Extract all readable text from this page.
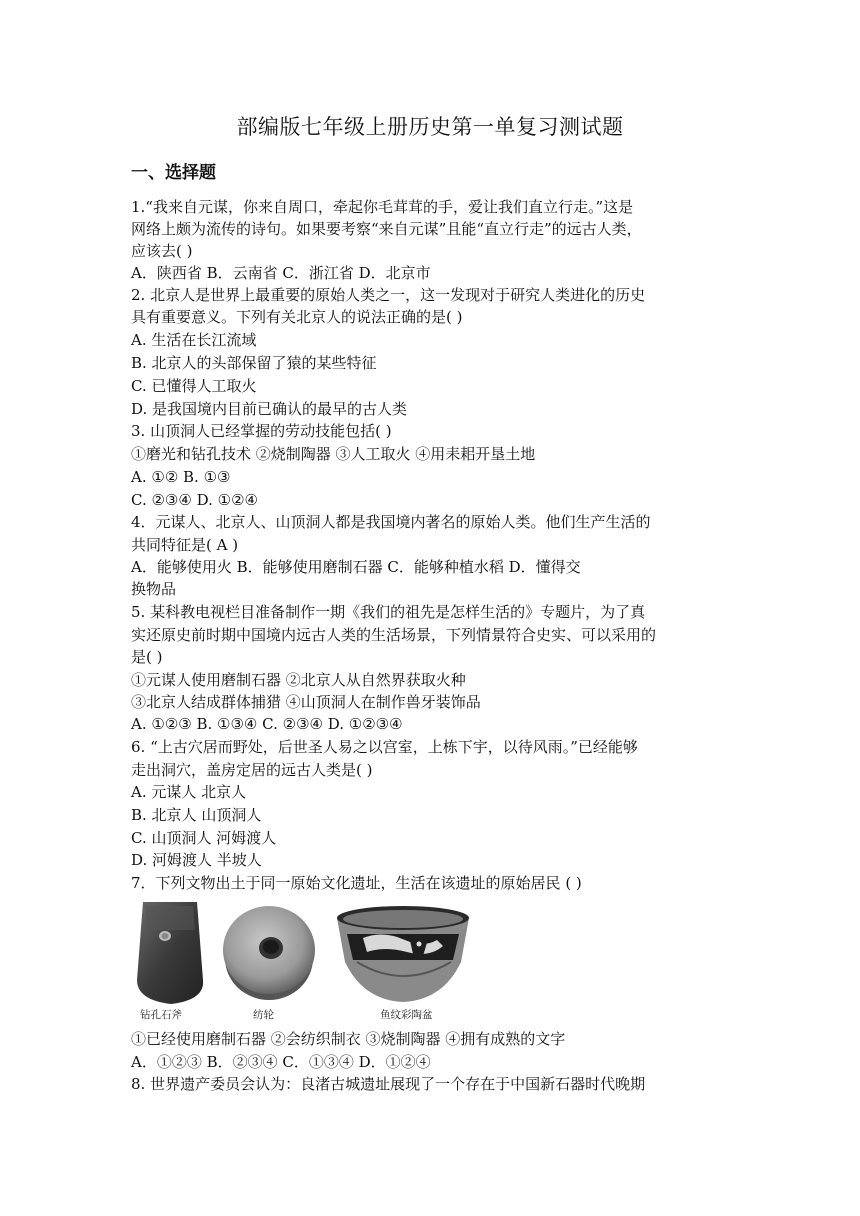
部编版七年级上册历史第一单复习测试题
一、选择题
1.“我来自元谋，你来自周口，牵起你毛茸茸的手，爱让我们直立行走。”这是
网络上颇为流传的诗句。如果要考察“来自元谋”且能“直立行走”的远古人类，
应该去( )
A．陕西省 B．云南省 C．浙江省 D．北京市
2. 北京人是世界上最重要的原始人类之一，这一发现对于研究人类进化的历史
具有重要意义。下列有关北京人的说法正确的是( )
A. 生活在长江流域
B. 北京人的头部保留了猿的某些特征
C. 已懂得人工取火
D. 是我国境内目前已确认的最早的古人类
3. 山顶洞人已经掌握的劳动技能包括( )
①磨光和钻孔技术 ②烧制陶器 ③人工取火 ④用耒耜开垦土地
A. ①② B. ①③
C. ②③④ D. ①②④
4．元谋人、北京人、山顶洞人都是我国境内著名的原始人类。他们生产生活的
共同特征是( A )
A．能够使用火 B．能够使用磨制石器 C．能够种植水稻 D．懂得交
换物品
5. 某科教电视栏目准备制作一期《我们的祖先是怎样生活的》专题片，为了真
实还原史前时期中国境内远古人类的生活场景，下列情景符合史实、可以采用的
是( )
①元谋人使用磨制石器 ②北京人从自然界获取火种
③北京人结成群体捕猎 ④山顶洞人在制作兽牙装饰品
A. ①②③ B. ①③④ C. ②③④ D. ①②③④
6. “上古穴居而野处，后世圣人易之以宫室，上栋下宇，以待风雨。”已经能够
走出洞穴，盖房定居的远古人类是( )
A. 元谋人 北京人
B. 北京人 山顶洞人
C. 山顶洞人 河姆渡人
D. 河姆渡人 半坡人
7．下列文物出土于同一原始文化遗址，生活在该遗址的原始居民 ( )
钻孔石斧	纺轮	鱼纹彩陶盆
①已经使用磨制石器 ②会纺织制衣 ③烧制陶器 ④拥有成熟的文字
A．①②③ B．②③④ C．①③④ D．①②④
8. 世界遗产委员会认为：良渚古城遗址展现了一个存在于中国新石器时代晚期
